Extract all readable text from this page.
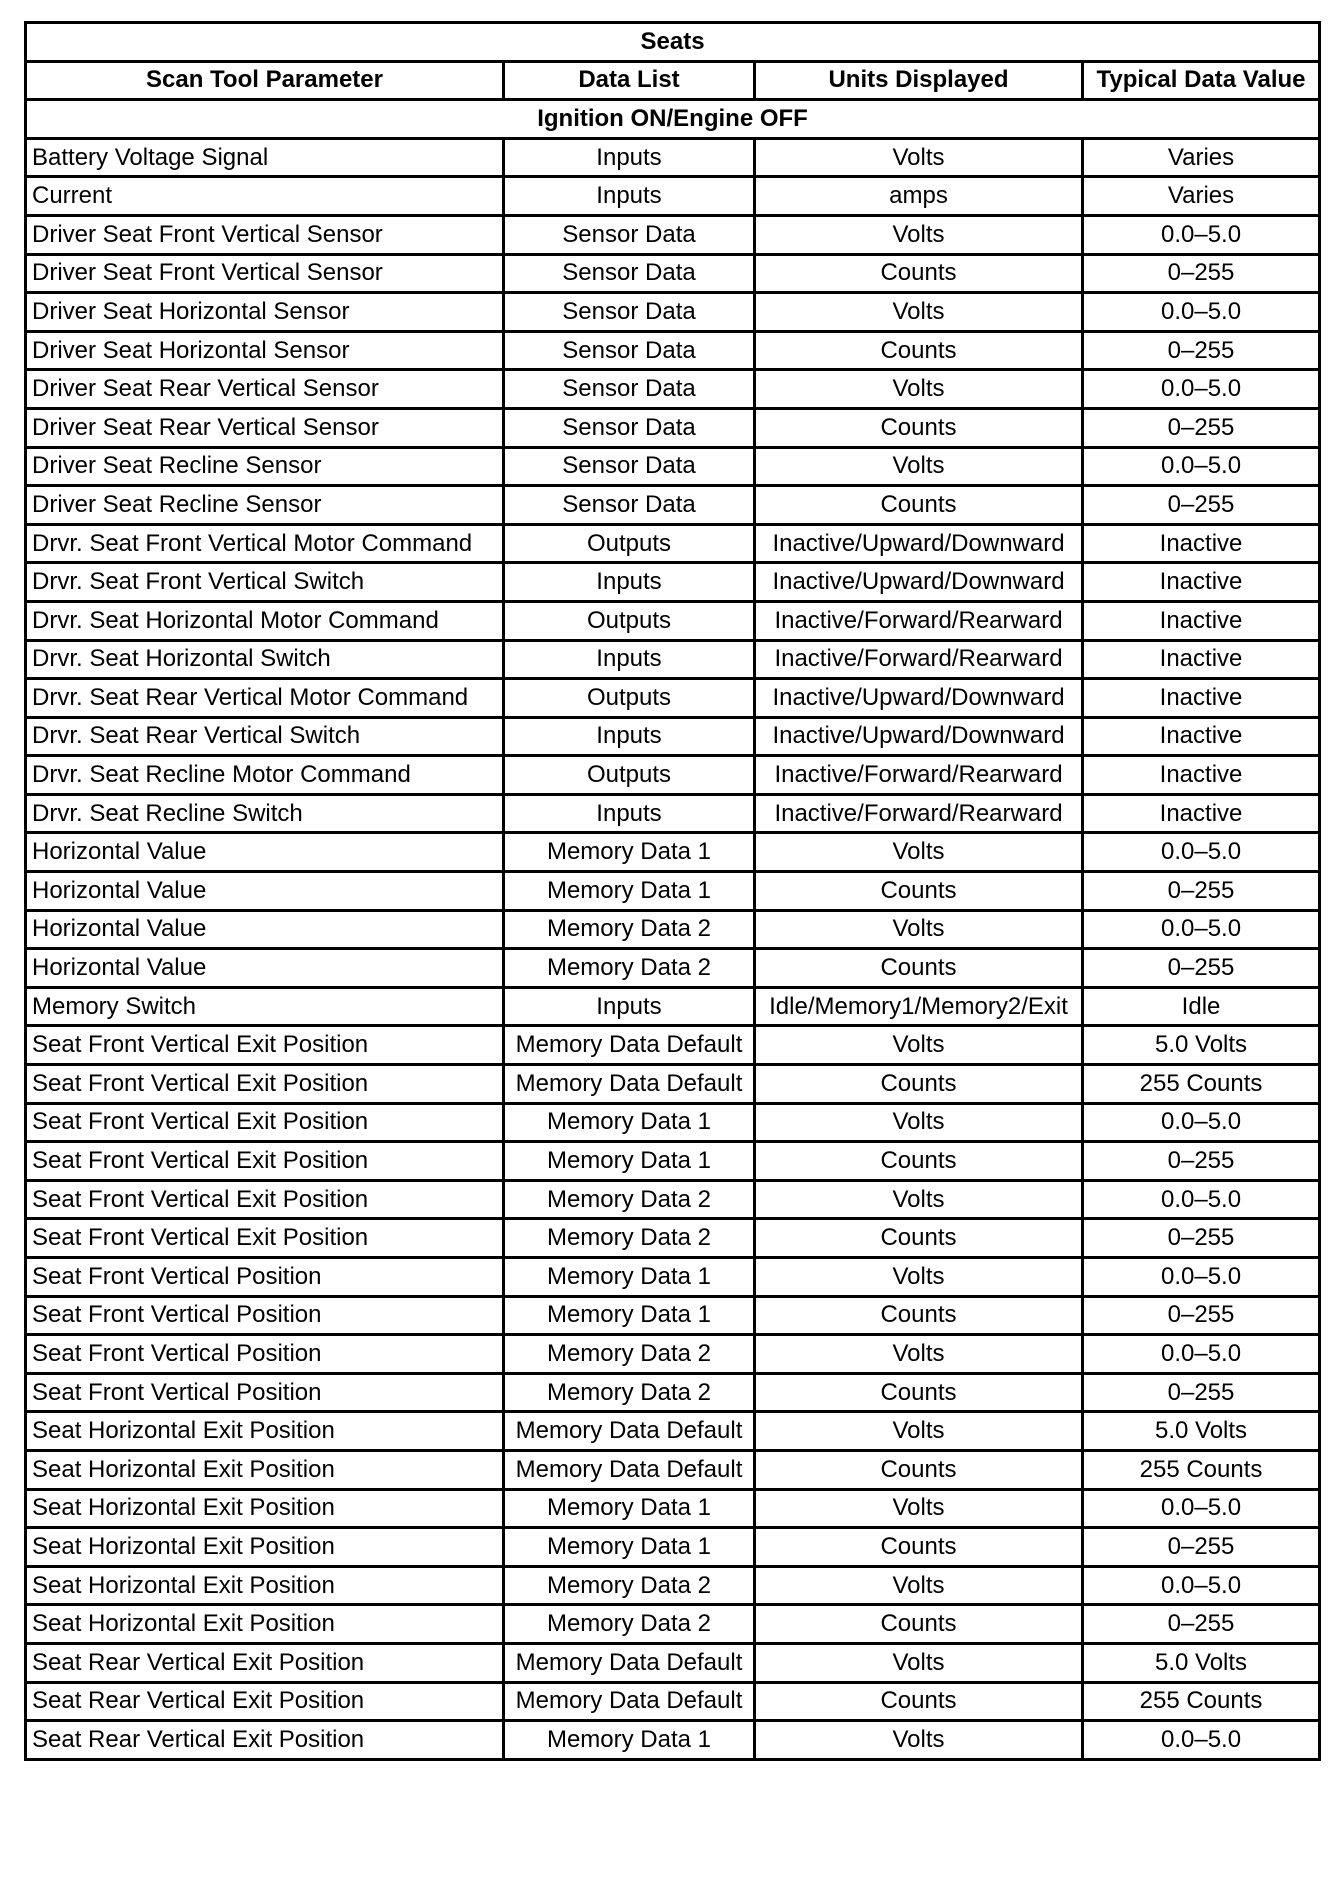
Seats			
Scan Tool Parameter	Data List	Units Displayed	Typical Data Value
Ignition ON/Engine OFF			
Battery Voltage Signal	Inputs	Volts	Varies
Current	Inputs	amps	Varies
Driver Seat Front Vertical Sensor	Sensor Data	Volts	0.0–5.0
Driver Seat Front Vertical Sensor	Sensor Data	Counts	0–255
Driver Seat Horizontal Sensor	Sensor Data	Volts	0.0–5.0
Driver Seat Horizontal Sensor	Sensor Data	Counts	0–255
Driver Seat Rear Vertical Sensor	Sensor Data	Volts	0.0–5.0
Driver Seat Rear Vertical Sensor	Sensor Data	Counts	0–255
Driver Seat Recline Sensor	Sensor Data	Volts	0.0–5.0
Driver Seat Recline Sensor	Sensor Data	Counts	0–255
Drvr. Seat Front Vertical Motor Command	Outputs	Inactive/Upward/Downward	Inactive
Drvr. Seat Front Vertical Switch	Inputs	Inactive/Upward/Downward	Inactive
Drvr. Seat Horizontal Motor Command	Outputs	Inactive/Forward/Rearward	Inactive
Drvr. Seat Horizontal Switch	Inputs	Inactive/Forward/Rearward	Inactive
Drvr. Seat Rear Vertical Motor Command	Outputs	Inactive/Upward/Downward	Inactive
Drvr. Seat Rear Vertical Switch	Inputs	Inactive/Upward/Downward	Inactive
Drvr. Seat Recline Motor Command	Outputs	Inactive/Forward/Rearward	Inactive
Drvr. Seat Recline Switch	Inputs	Inactive/Forward/Rearward	Inactive
Horizontal Value	Memory Data 1	Volts	0.0–5.0
Horizontal Value	Memory Data 1	Counts	0–255
Horizontal Value	Memory Data 2	Volts	0.0–5.0
Horizontal Value	Memory Data 2	Counts	0–255
Memory Switch	Inputs	Idle/Memory1/Memory2/Exit	Idle
Seat Front Vertical Exit Position	Memory Data Default	Volts	5.0 Volts
Seat Front Vertical Exit Position	Memory Data Default	Counts	255 Counts
Seat Front Vertical Exit Position	Memory Data 1	Volts	0.0–5.0
Seat Front Vertical Exit Position	Memory Data 1	Counts	0–255
Seat Front Vertical Exit Position	Memory Data 2	Volts	0.0–5.0
Seat Front Vertical Exit Position	Memory Data 2	Counts	0–255
Seat Front Vertical Position	Memory Data 1	Volts	0.0–5.0
Seat Front Vertical Position	Memory Data 1	Counts	0–255
Seat Front Vertical Position	Memory Data 2	Volts	0.0–5.0
Seat Front Vertical Position	Memory Data 2	Counts	0–255
Seat Horizontal Exit Position	Memory Data Default	Volts	5.0 Volts
Seat Horizontal Exit Position	Memory Data Default	Counts	255 Counts
Seat Horizontal Exit Position	Memory Data 1	Volts	0.0–5.0
Seat Horizontal Exit Position	Memory Data 1	Counts	0–255
Seat Horizontal Exit Position	Memory Data 2	Volts	0.0–5.0
Seat Horizontal Exit Position	Memory Data 2	Counts	0–255
Seat Rear Vertical Exit Position	Memory Data Default	Volts	5.0 Volts
Seat Rear Vertical Exit Position	Memory Data Default	Counts	255 Counts
Seat Rear Vertical Exit Position	Memory Data 1	Volts	0.0–5.0
